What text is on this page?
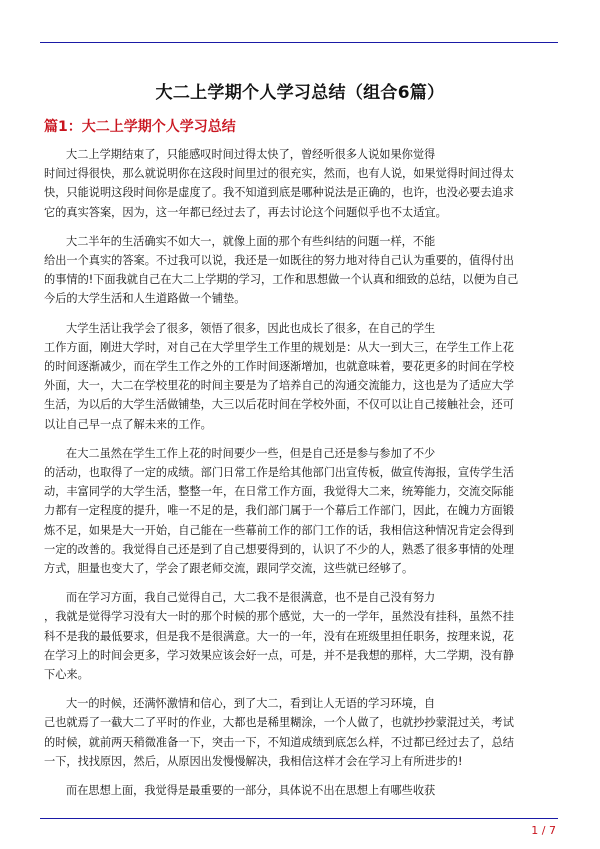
大二上学期个人学习总结（组合6篇）
篇1：大二上学期个人学习总结
大二上学期结束了，只能感叹时间过得太快了，曾经听很多人说如果你觉得
时间过得很快，那么就说明你在这段时间里过的很充实，然而，也有人说，如果觉得时间过得太
快，只能说明这段时间你是虚度了。我不知道到底是哪种说法是正确的，也许，也没必要去追求
它的真实答案，因为，这一年都已经过去了，再去讨论这个问题似乎也不太适宜。
大二半年的生活确实不如大一，就像上面的那个有些纠结的问题一样，不能
给出一个真实的答案。不过我可以说，我还是一如既往的努力地对待自己认为重要的，值得付出
的事情的!下面我就自己在大二上学期的学习，工作和思想做一个认真和细致的总结，以便为自己
今后的大学生活和人生道路做一个铺垫。
大学生活让我学会了很多，领悟了很多，因此也成长了很多，在自己的学生
工作方面，刚进大学时，对自己在大学里学生工作里的规划是：从大一到大三，在学生工作上花
的时间逐渐减少，而在学生工作之外的工作时间逐渐增加，也就意味着，要花更多的时间在学校
外面，大一，大二在学校里花的时间主要是为了培养自己的沟通交流能力，这也是为了适应大学
生活，为以后的大学生活做铺垫，大三以后花时间在学校外面，不仅可以让自己接触社会，还可
以让自己早一点了解未来的工作。
在大二虽然在学生工作上花的时间要少一些，但是自己还是参与参加了不少
的活动，也取得了一定的成绩。部门日常工作是给其他部门出宣传板，做宣传海报，宣传学生活
动，丰富同学的大学生活，整整一年，在日常工作方面，我觉得大二来，统筹能力，交流交际能
力都有一定程度的提升，唯一不足的是，我们部门属于一个幕后工作部门，因此，在魄力方面锻
炼不足，如果是大一开始，自己能在一些幕前工作的部门工作的话，我相信这种情况肯定会得到
一定的改善的。我觉得自己还是到了自己想要得到的，认识了不少的人，熟悉了很多事情的处理
方式，胆量也变大了，学会了跟老师交流，跟同学交流，这些就已经够了。
而在学习方面，我自己觉得自己，大二我不是很满意，也不是自己没有努力
，我就是觉得学习没有大一时的那个时候的那个感觉，大一的一学年，虽然没有挂科，虽然不挂
科不是我的最低要求，但是我不是很满意。大一的一年，没有在班级里担任职务，按理来说，花
在学习上的时间会更多，学习效果应该会好一点，可是，并不是我想的那样，大二学期，没有静
下心来。
大一的时候，还满怀激情和信心，到了大二，看到让人无语的学习环境，自
己也就焉了一截大二了平时的作业，大都也是稀里糊涂，一个人做了，也就抄抄蒙混过关，考试
的时候，就前两天稍微准备一下，突击一下，不知道成绩到底怎么样，不过都已经过去了，总结
一下，找找原因，然后，从原因出发慢慢解决，我相信这样才会在学习上有所进步的!
而在思想上面，我觉得是最重要的一部分，具体说不出在思想上有哪些收获
1 / 7
